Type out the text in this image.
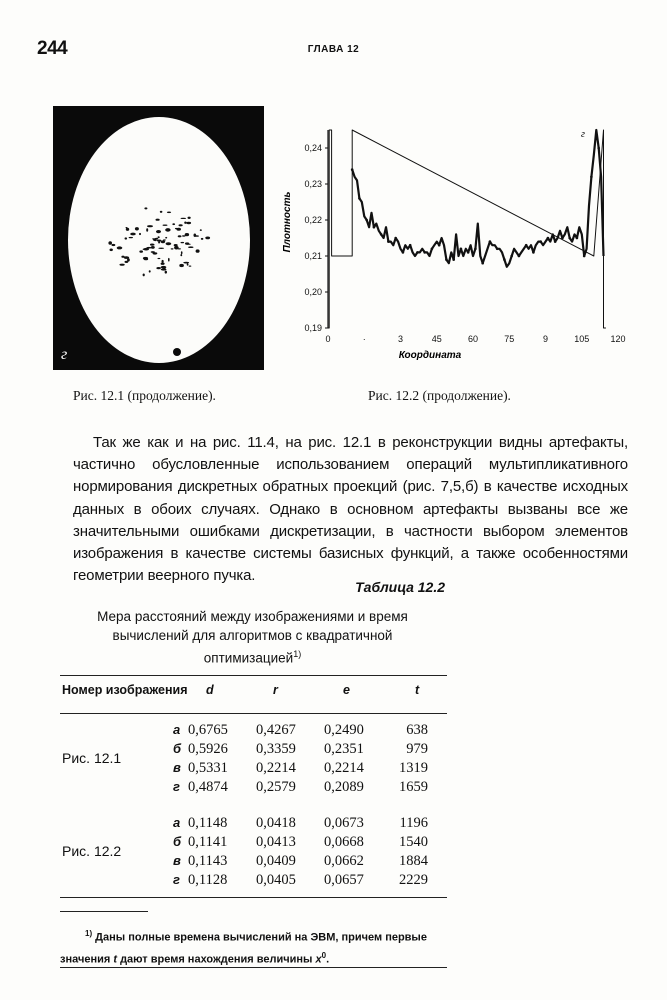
244	ГЛАВА 12
г
0,19
0,20
0,21
0,22
0,23
0,24
0	·	3	45	60	75	9	105 120
Плотность
Координата
г
Рис. 12.1 (продолжение).	Рис. 12.2 (продолжение).

Так же как и на рис. 11.4, на рис. 12.1 в реконструкции видны артефакты, частично обусловленные использованием операций мультипликативного нормирования дискретных обратных проекций (рис. 7,5,б) в качестве исходных данных в обоих случаях. Однако в основном артефакты вызваны все же значительными ошибками дискретизации, в частности выбором элементов изображения в качестве системы базисных функций, а также особенностями геометрии веерного пучка.

Таблица 12.2
Мера расстояний между изображениями и время
вычислений для алгоритмов с квадратичной
оптимизацией$^{1)}$
Номер изображения d	r	e	t
Рис. 12.1
а 0,6765 0,4267 0,2490	638
б 0,5926 0,3359 0,2351	979
в 0,5331 0,2214 0,2214 1319
г 0,4874 0,2579 0,2089 1659
Рис. 12.2
а 0,1148 0,0418 0,0673 1196
б 0,1141 0,0413 0,0668 1540
в 0,1143 0,0409 0,0662 1884
г 0,1128 0,0405 0,0657 2229

$^{1)}$ Даны полные времена вычислений на ЭВМ, причем первые значения t дают время нахождения величины $x^0$.
